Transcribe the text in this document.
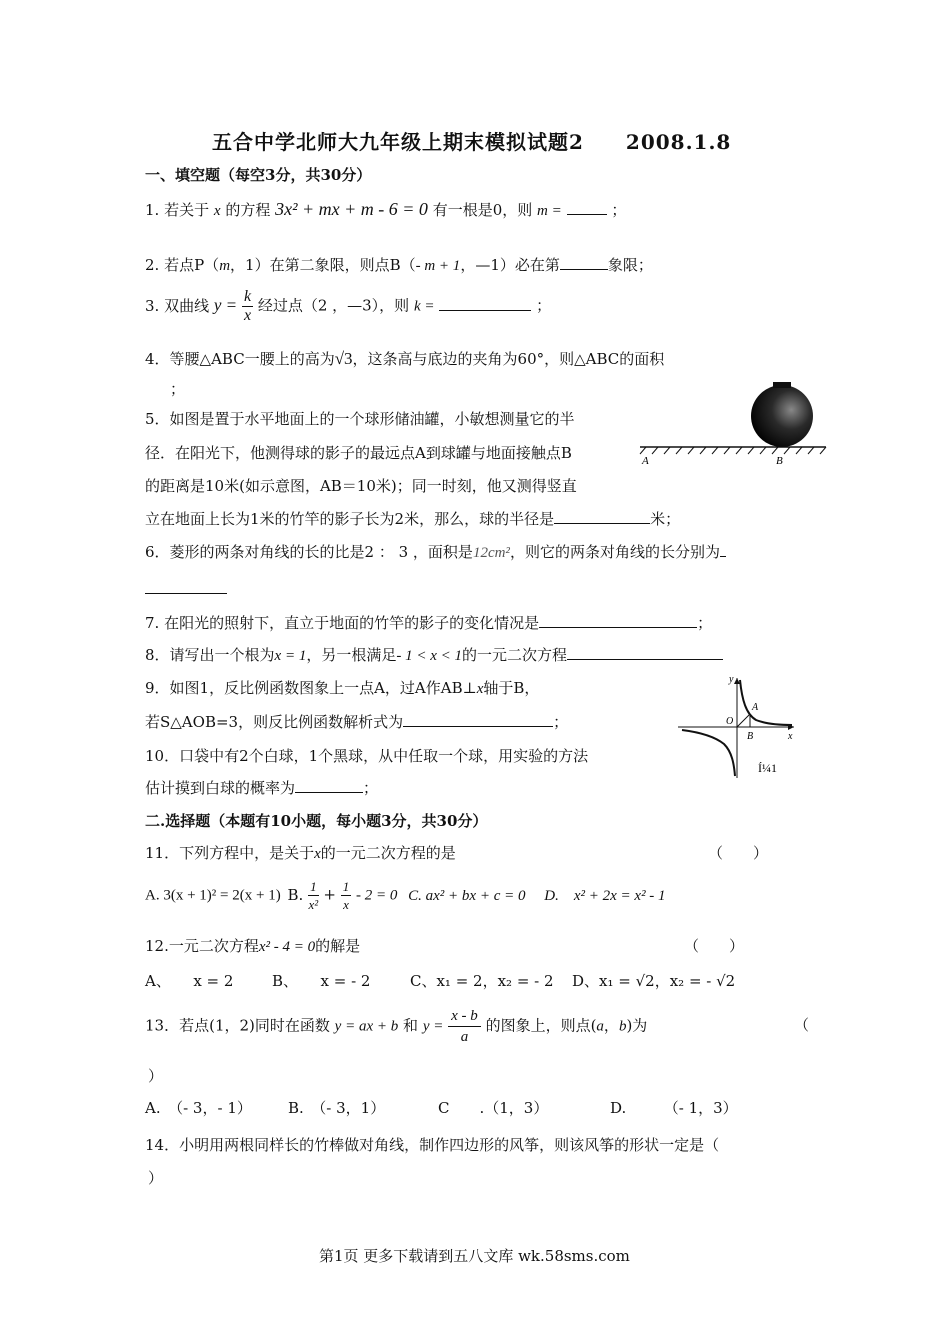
五合中学北师大九年级上期末模拟试题2　　2008.1.8
一、填空题（每空3分，共30分）
1. 若关于 x 的方程 3x² + mx + m - 6 = 0 有一根是0，则 m =	；
2. 若点P（m，1）在第二象限，则点B（- m + 1，—1）必在第	象限；
3. 双曲线 $y = \frac{k}{x}$ 经过点（2 ，—3），则 k =	；
4．等腰△ABC一腰上的高为√3，这条高与底边的夹角为60°，则△ABC的面积
；
5．如图是置于水平地面上的一个球形储油罐，小敏想测量它的半
径．在阳光下，他测得球的影子的最远点A到球罐与地面接触点B
的距离是10米(如示意图，AB＝10米)；同一时刻，他又测得竖直
立在地面上长为1米的竹竿的影子长为2米，那么，球的半径是	米；
A	B
6．菱形的两条对角线的长的比是2 ： 3 ，面积是12cm²，则它的两条对角线的长分别为
7. 在阳光的照射下，直立于地面的竹竿的影子的变化情况是	；
8．请写出一个根为x = 1，另一根满足- 1 < x < 1的一元二次方程
9．如图1，反比例函数图象上一点A，过A作AB⊥x轴于B，
若S△AOB=3，则反比例函数解析式为	；
y
x
O
A
B
Í¼1
10．口袋中有2个白球，1个黑球，从中任取一个球，用实验的方法
估计摸到白球的概率为	；
二.选择题（本题有10小题，每小题3分，共30分）
11．下列方程中，是关于x的一元二次方程的是	（　　）
A. 3(x + 1)² = 2(x + 1) B. $\frac{1}{\text{x²}} + \frac{1}{x} - 2 = 0$ C. ax² + bx + c = 0 D.　x² + 2x = x² - 1
12.一元二次方程x² - 4 = 0的解是	（　　）
A、　　x = 2	B、　　x = - 2	C、x₁ = 2，x₂ = - 2 D、x₁ = √2，x₂ = - √2
13．若点(1，2)同时在函数 y = ax + b 和 $y = \frac{x - b}{a}$ 的图象上，则点(a，b)为	（
）
A.　（- 3，- 1） B.　（- 3，1）	C　　.（1，3）	D.　　　（- 1，3）
14．小明用两根同样长的竹棒做对角线，制作四边形的风筝，则该风筝的形状一定是（
）
第1页 更多下载请到五八文库 wk.58sms.com
